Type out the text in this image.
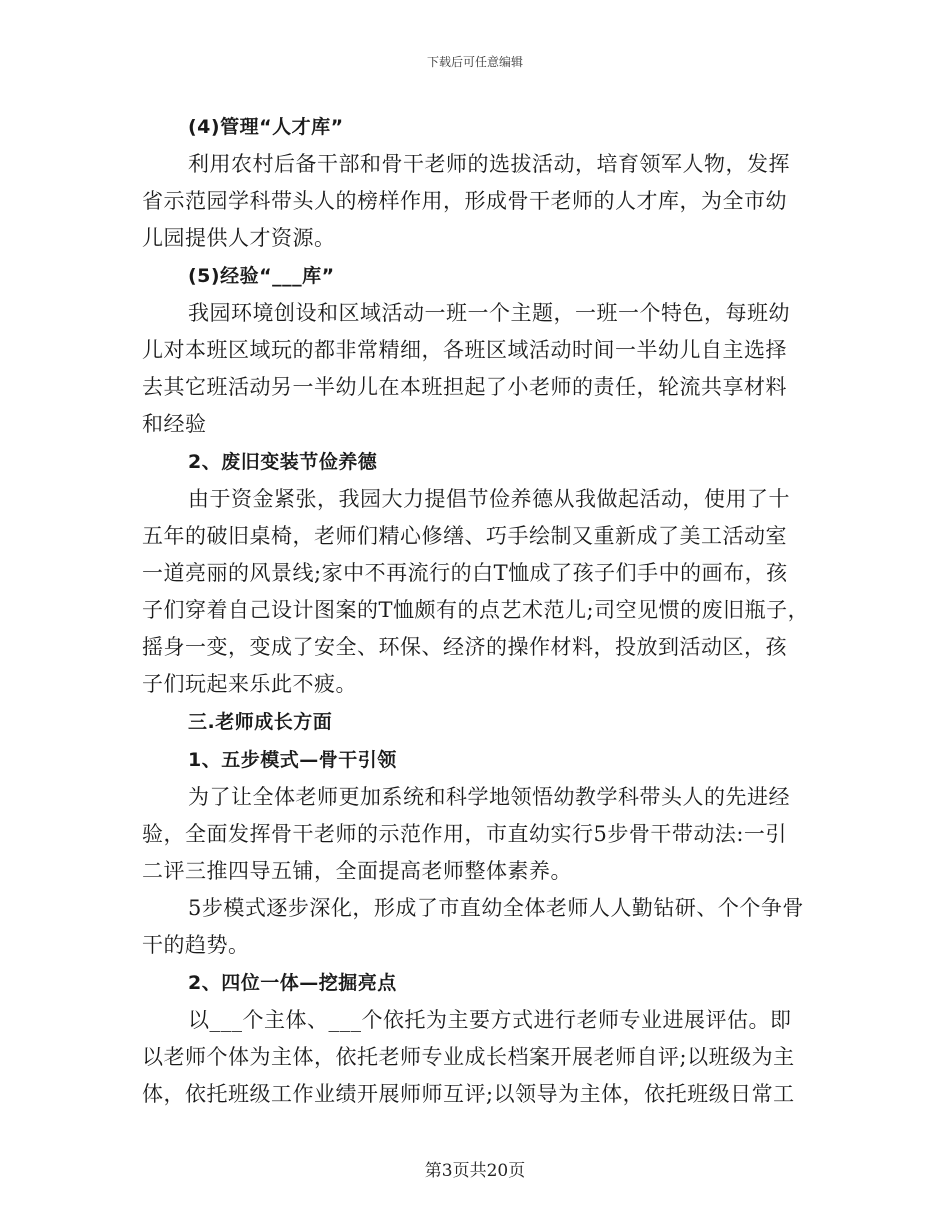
下载后可任意编辑
(4)管理“人才库”
利用农村后备干部和骨干老师的选拔活动，培育领军人物，发挥
省示范园学科带头人的榜样作用，形成骨干老师的人才库，为全市幼
儿园提供人才资源。
(5)经验“___库”
我园环境创设和区域活动一班一个主题，一班一个特色，每班幼
儿对本班区域玩的都非常精细，各班区域活动时间一半幼儿自主选择
去其它班活动另一半幼儿在本班担起了小老师的责任，轮流共享材料
和经验
2、废旧变装节俭养德
由于资金紧张，我园大力提倡节俭养德从我做起活动，使用了十
五年的破旧桌椅，老师们精心修缮、巧手绘制又重新成了美工活动室
一道亮丽的风景线;家中不再流行的白T恤成了孩子们手中的画布，孩
子们穿着自己设计图案的T恤颇有的点艺术范儿;司空见惯的废旧瓶子，
摇身一变，变成了安全、环保、经济的操作材料，投放到活动区，孩
子们玩起来乐此不疲。
三.老师成长方面
1、五步模式—骨干引领
为了让全体老师更加系统和科学地领悟幼教学科带头人的先进经
验，全面发挥骨干老师的示范作用，市直幼实行5步骨干带动法:一引
二评三推四导五铺，全面提高老师整体素养。
5步模式逐步深化，形成了市直幼全体老师人人勤钻研、个个争骨
干的趋势。
2、四位一体—挖掘亮点
以___个主体、___个依托为主要方式进行老师专业进展评估。即
以老师个体为主体，依托老师专业成长档案开展老师自评;以班级为主
体，依托班级工作业绩开展师师互评;以领导为主体，依托班级日常工
第3页共20页
